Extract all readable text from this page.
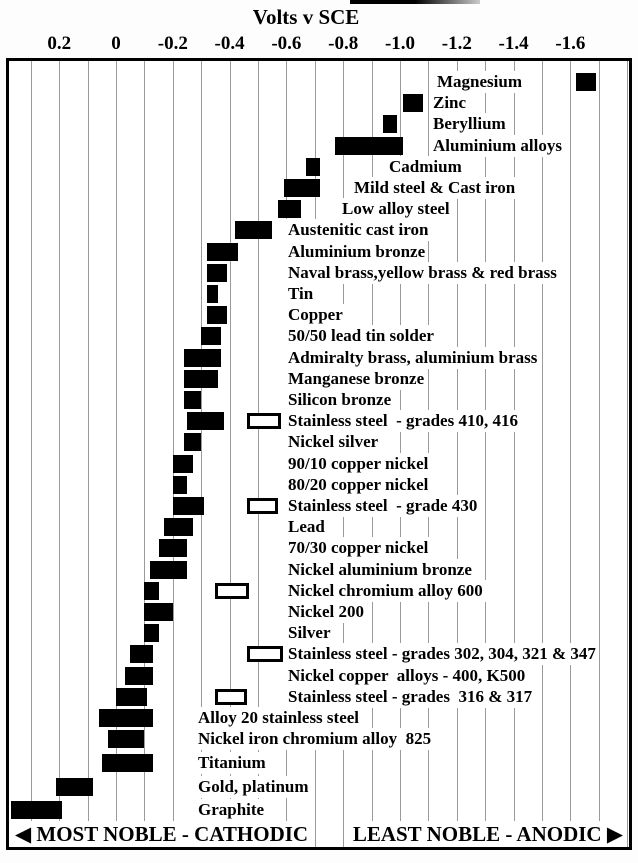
Volts v SCE
0.2	0	-0.2	-0.4	-0.6	-0.8	-1.0	-1.2	-1.4	-1.6
◀ MOST NOBLE - CATHODIC LEAST NOBLE - ANODIC ▶
Magnesium
Zinc
Beryllium
Aluminium alloys
Cadmium
Mild steel & Cast iron
Low alloy steel
Austenitic cast iron
Aluminium bronze
Naval brass,yellow brass & red brass
Tin
Copper
50/50 lead tin solder
Admiralty brass, aluminium brass
Manganese bronze
Silicon bronze
Stainless steel  - grades 410, 416
Nickel silver
90/10 copper nickel
80/20 copper nickel
Stainless steel  - grade 430
Lead
70/30 copper nickel
Nickel aluminium bronze
Nickel chromium alloy 600
Nickel 200
Silver
Stainless steel - grades 302, 304, 321 & 347
Nickel copper  alloys - 400, K500
Stainless steel - grades  316 & 317
Alloy 20 stainless steel
Nickel iron chromium alloy  825
Titanium
Gold, platinum
Graphite
